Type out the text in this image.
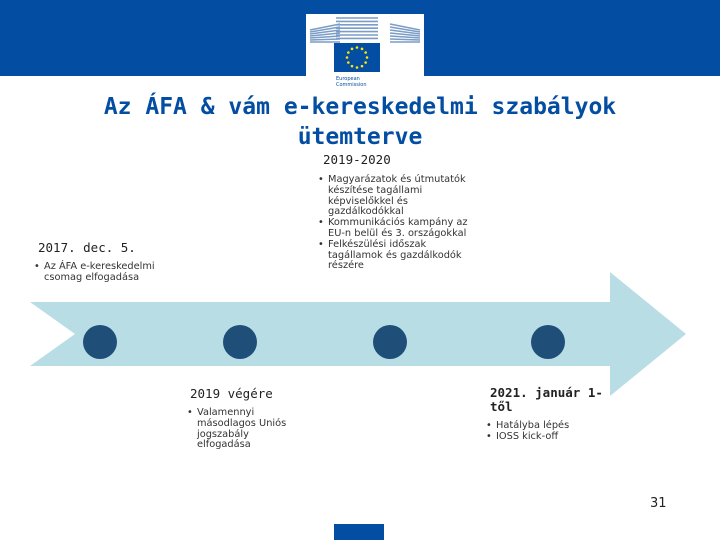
European
Commission
Az ÁFA & vám e-kereskedelmi szabályok
ütemterve
2017. dec. 5.
• Az ÁFA e-kereskedelmi csomag elfogadása
2019 végére
• Valamennyi másodlagos Uniós jogszabály elfogadása
2019-2020
• Magyarázatok és útmutatók készítése tagállami képviselőkkel és gazdálkodókkal
• Kommunikációs kampány az EU-n belül és 3. országokkal
• Felkészülési időszak tagállamok és gazdálkodók részére
2021. január 1-től
• Hatályba lépés
• IOSS kick-off
31
